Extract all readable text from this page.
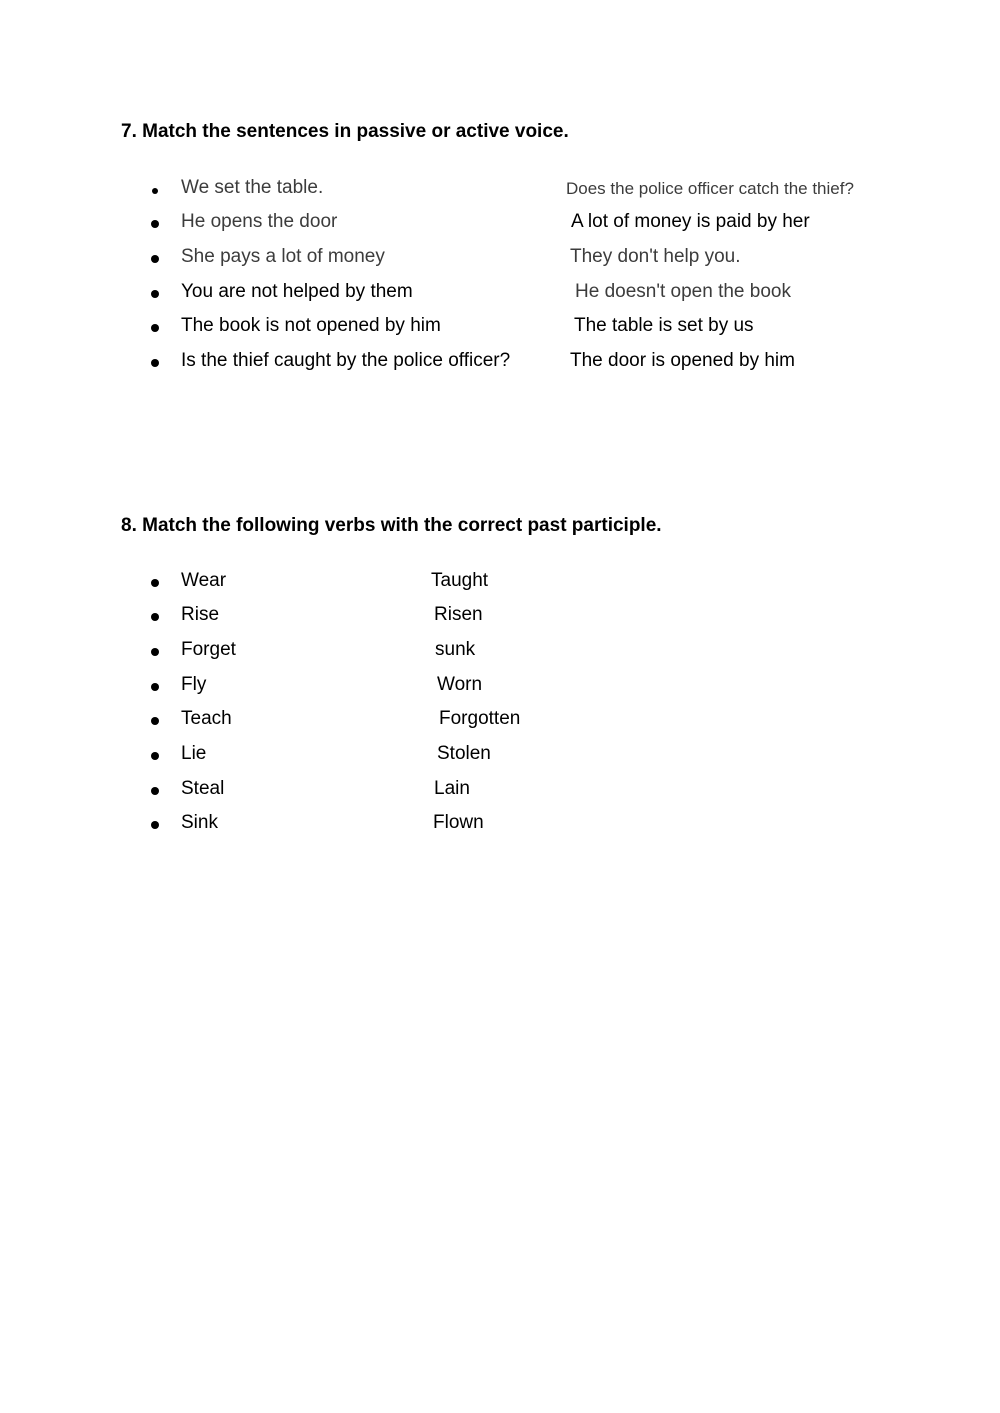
7. Match the sentences in passive or active voice.
We set the table.	Does the police officer catch the thief?
He opens the door	A lot of money is paid by her
She pays a lot of money	They don't help you.
You are not helped by them	He doesn't open the book
The book is not opened by him	The table is set by us
Is the thief caught by the police officer?	The door is opened by him
8. Match the following verbs with the correct past participle.
Wear	Taught
Rise	Risen
Forget	sunk
Fly	Worn
Teach	Forgotten
Lie	Stolen
Steal	Lain
Sink	Flown
